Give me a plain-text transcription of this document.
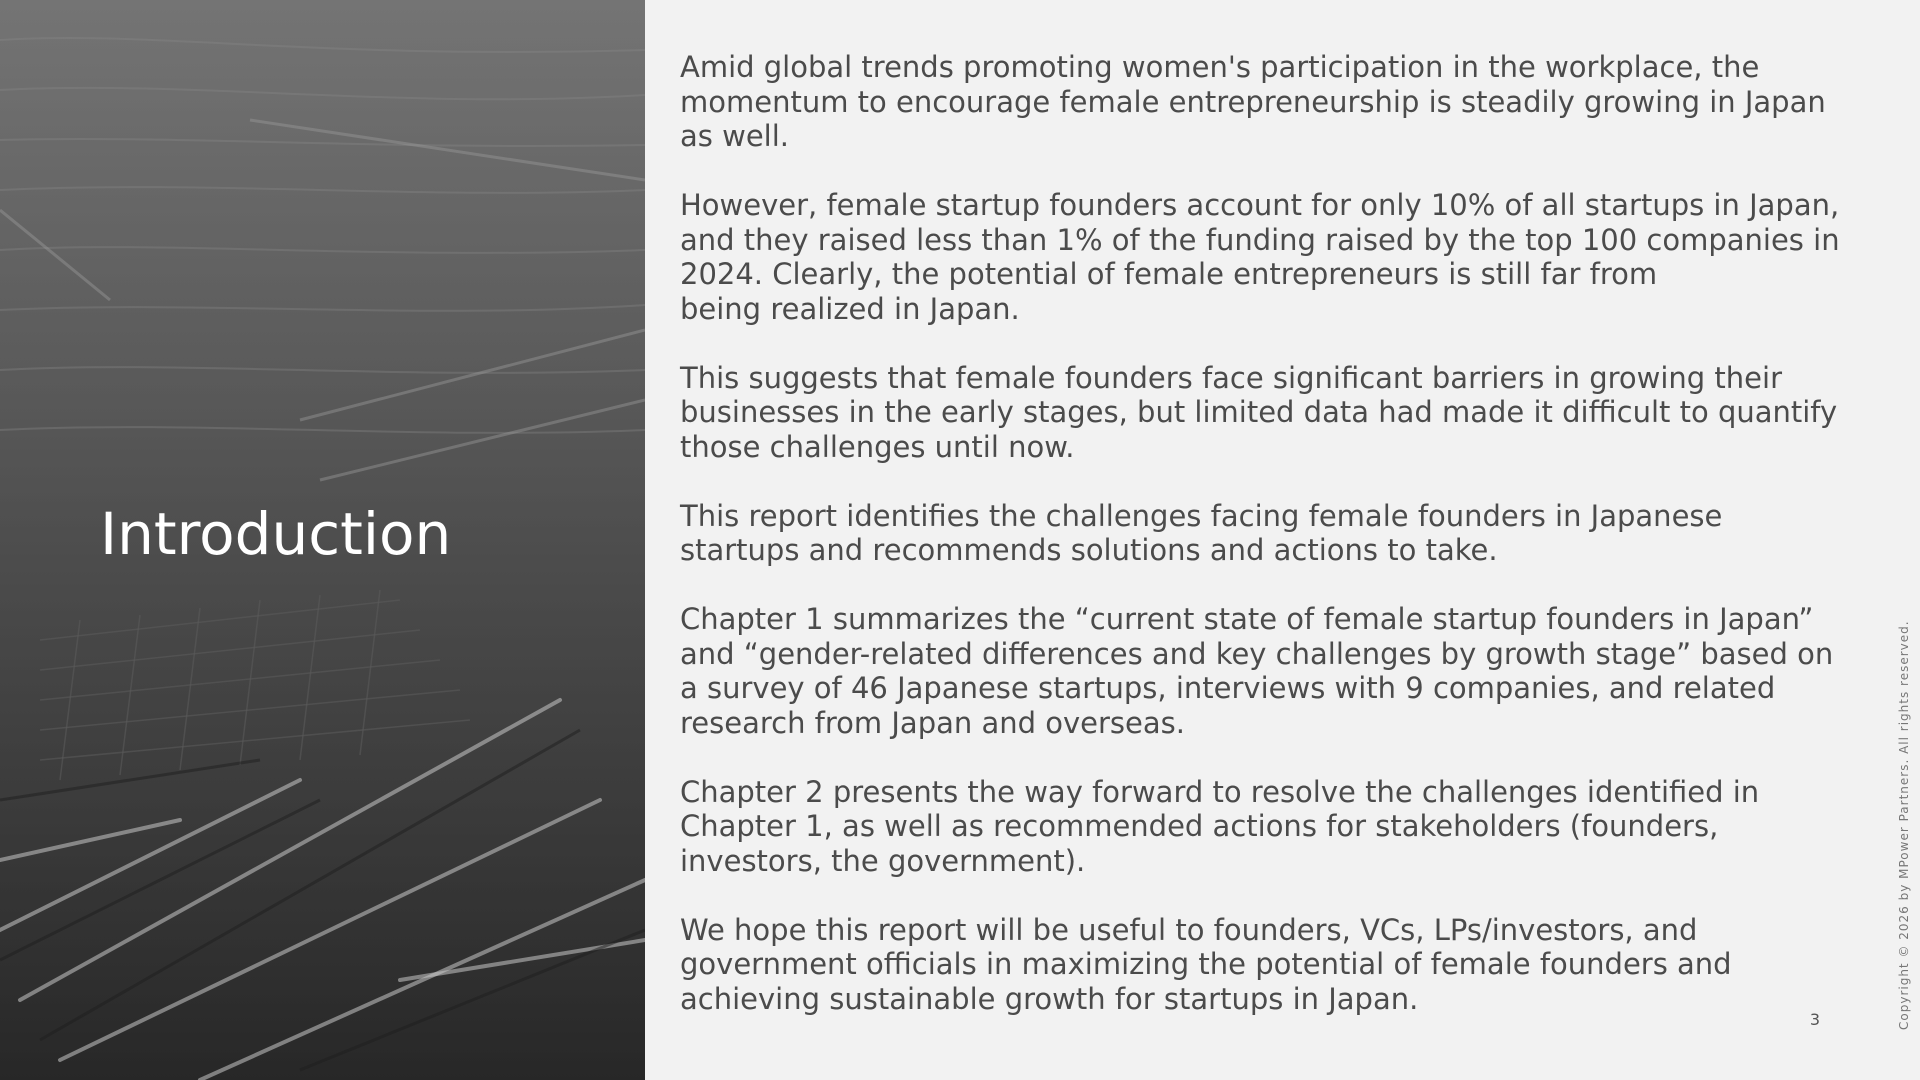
Introduction

Amid global trends promoting women's participation in the workplace, the
momentum to encourage female entrepreneurship is steadily growing in Japan
as well.

However, female startup founders account for only 10% of all startups in Japan,
and they raised less than 1% of the funding raised by the top 100 companies in
2024. Clearly, the potential of female entrepreneurs is still far from
being realized in Japan.

This suggests that female founders face significant barriers in growing their
businesses in the early stages, but limited data had made it difficult to quantify
those challenges until now.

This report identifies the challenges facing female founders in Japanese
startups and recommends solutions and actions to take.

Chapter 1 summarizes the “current state of female startup founders in Japan”
and “gender-related differences and key challenges by growth stage” based on
a survey of 46 Japanese startups, interviews with 9 companies, and related
research from Japan and overseas.

Chapter 2 presents the way forward to resolve the challenges identified in
Chapter 1, as well as recommended actions for stakeholders (founders,
investors, the government).

We hope this report will be useful to founders, VCs, LPs/investors, and
government officials in maximizing the potential of female founders and
achieving sustainable growth for startups in Japan.

3	Copyright © 2026 by MPower Partners. All rights reserved.
